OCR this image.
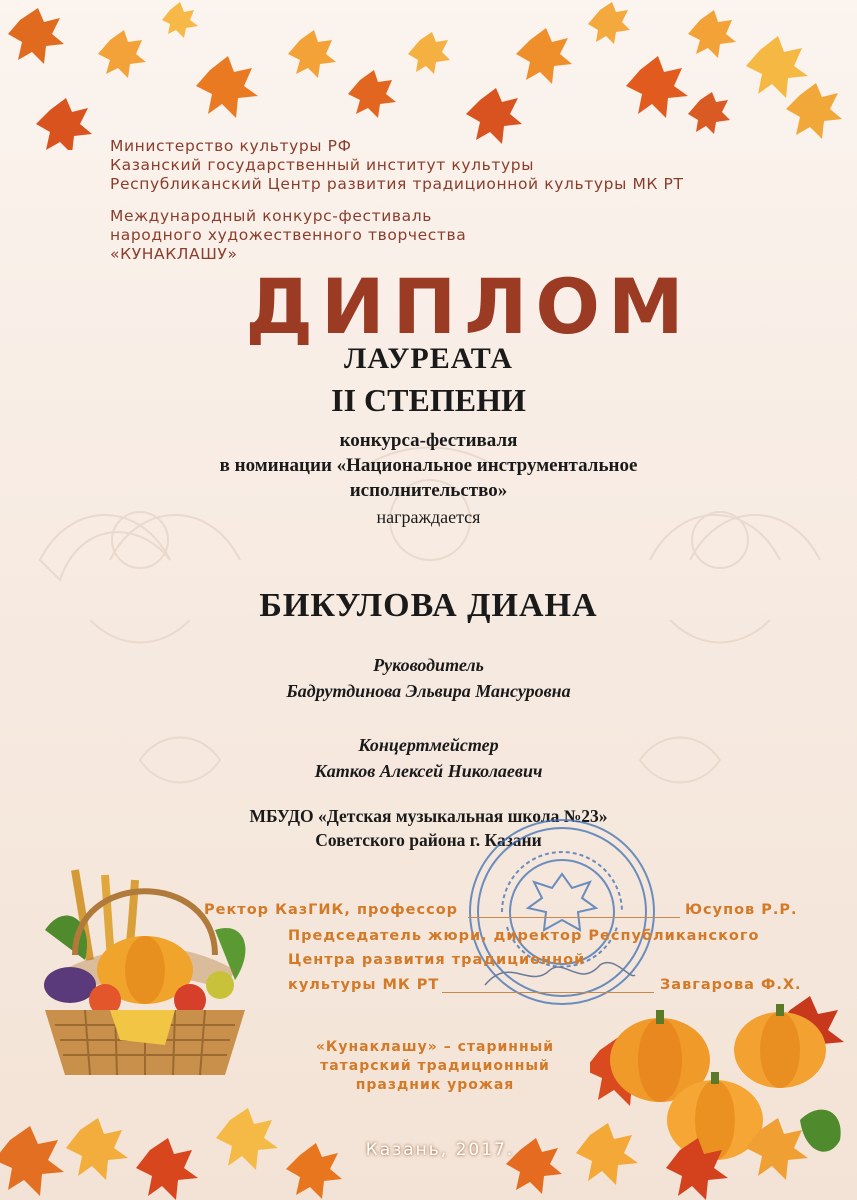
Министерство культуры РФ
Казанский государственный институт культуры
Республиканский Центр развития традиционной культуры МК РТ
Международный конкурс-фестиваль
народного художественного творчества
«КУНАКЛАШУ»
ДИПЛОМ
ЛАУРЕАТА
II СТЕПЕНИ
конкурса-фестиваля
в номинации «Национальное инструментальное
исполнительство»
награждается
БИКУЛОВА ДИАНА
Руководитель
Бадрутдинова Эльвира Мансуровна
Концертмейстер
Катков Алексей Николаевич
МБУДО «Детская музыкальная школа №23»
Советского района г. Казани
Ректор КазГИК, профессор	Юсупов Р.Р.
Председатель жюри, директор Республиканского
Центра развития традиционной
культуры МК РТ	Завгарова Ф.Х.
«Кунаклашу» – старинный
татарский традиционный
праздник урожая
Казань, 2017.
